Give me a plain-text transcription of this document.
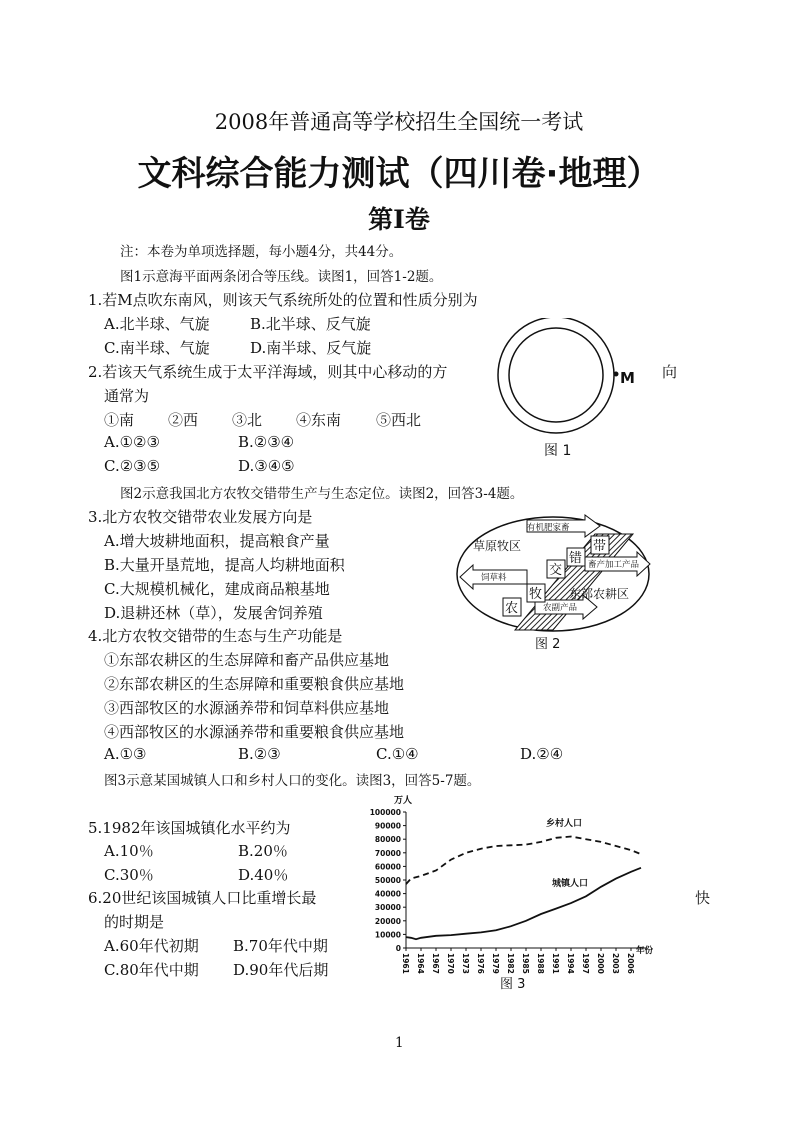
2008年普通高等学校招生全国统一考试
文科综合能力测试（四川卷·地理）
第I卷
注：本卷为单项选择题，每小题4分，共44分。
图1示意海平面两条闭合等压线。读图1，回答1-2题。
1.若M点吹东南风，则该天气系统所处的位置和性质分别为
A.北半球、气旋	B.北半球、反气旋
C.南半球、气旋	D.南半球、反气旋
2.若该天气系统生成于太平洋海域，则其中心移动的方	向
通常为
①南 ②西 ③北 ④东南 ⑤西北
A.①②③	B.②③④
C.②③⑤	D.③④⑤
M
图 1
图2示意我国北方农牧交错带生产与生态定位。读图2，回答3-4题。
3.北方农牧交错带农业发展方向是
A.增大坡耕地面积，提高粮食产量
B.大量开垦荒地，提高人均耕地面积
C.大规模机械化，建成商品粮基地
D.退耕还林（草），发展舍饲养殖
有机肥家畜
畜产加工产品
饲草料
农副产品
农
牧
交
错
带
草原牧区
东部农耕区
图 2
4.北方农牧交错带的生态与生产功能是
①东部农耕区的生态屏障和畜产品供应基地
②东部农耕区的生态屏障和重要粮食供应基地
③西部牧区的水源涵养带和饲草料供应基地
④西部牧区的水源涵养带和重要粮食供应基地
A.①③	B.②③	C.①④	D.②④
图3示意某国城镇人口和乡村人口的变化。读图3，回答5-7题。
5.1982年该国城镇化水平约为
A.10％	B.20％
C.30％	D.40％
6.20世纪该国城镇人口比重增长最	快
的时期是
A.60年代初期 B.70年代中期
C.80年代中期 D.90年代后期
0
10000
20000
30000
40000
50000
60000
70000
80000
90000
100000
1961 1964 1967 1970 1973 1976 1979 1982 1985 1988 1991 1994 1997 2000 2003 2006
万人
年份
乡村人口
城镇人口
图 3
1
